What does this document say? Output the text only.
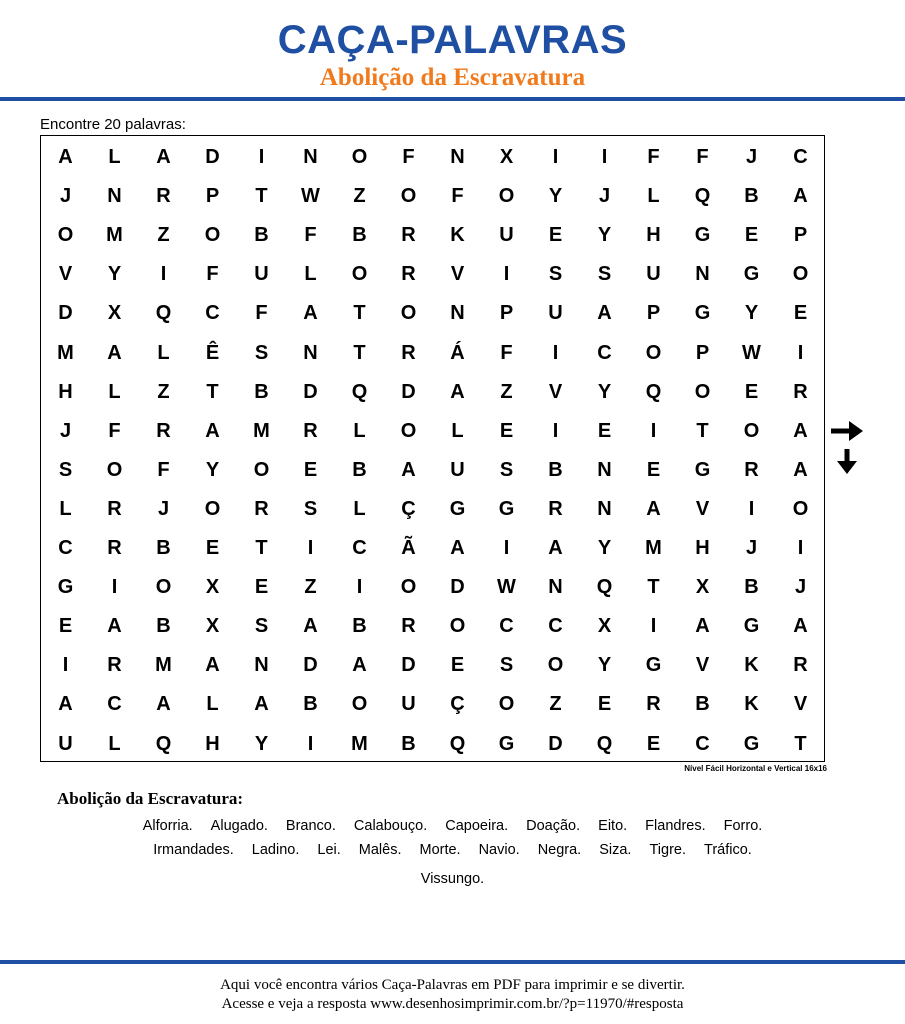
CAÇA-PALAVRAS
Abolição da Escravatura
Encontre 20 palavras:
A	L	A	D	I	N	O	F	N	X	I	I	F	F	J	C
J	N	R	P	T	W	Z	O	F	O	Y	J	L	Q	B	A
O	M	Z	O	B	F	B	R	K	U	E	Y	H	G	E	P
V	Y	I	F	U	L	O	R	V	I	S	S	U	N	G	O
D	X	Q	C	F	A	T	O	N	P	U	A	P	G	Y	E
M	A	L	Ê	S	N	T	R	Á	F	I	C	O	P	W	I
H	L	Z	T	B	D	Q	D	A	Z	V	Y	Q	O	E	R
J	F	R	A	M	R	L	O	L	E	I	E	I	T	O	A
S	O	F	Y	O	E	B	A	U	S	B	N	E	G	R	A
L	R	J	O	R	S	L	Ç	G	G	R	N	A	V	I	O
C	R	B	E	T	I	C	Ã	A	I	A	Y	M	H	J	I
G	I	O	X	E	Z	I	O	D	W	N	Q	T	X	B	J
E	A	B	X	S	A	B	R	O	C	C	X	I	A	G	A
I	R	M	A	N	D	A	D	E	S	O	Y	G	V	K	R
A	C	A	L	A	B	O	U	Ç	O	Z	E	R	B	K	V
U	L	Q	H	Y	I	M	B	Q	G	D	Q	E	C	G	T
Nível Fácil Horizontal e Vertical 16x16
Abolição da Escravatura:
Alforria. Alugado. Branco. Calabouço. Capoeira. Doação. Eito. Flandres. Forro.
Irmandades. Ladino. Lei. Malês. Morte. Navio. Negra. Siza. Tigre. Tráfico.
Vissungo.
Aqui você encontra vários Caça-Palavras em PDF para imprimir e se divertir.
Acesse e veja a resposta www.desenhosimprimir.com.br/?p=11970/#resposta
